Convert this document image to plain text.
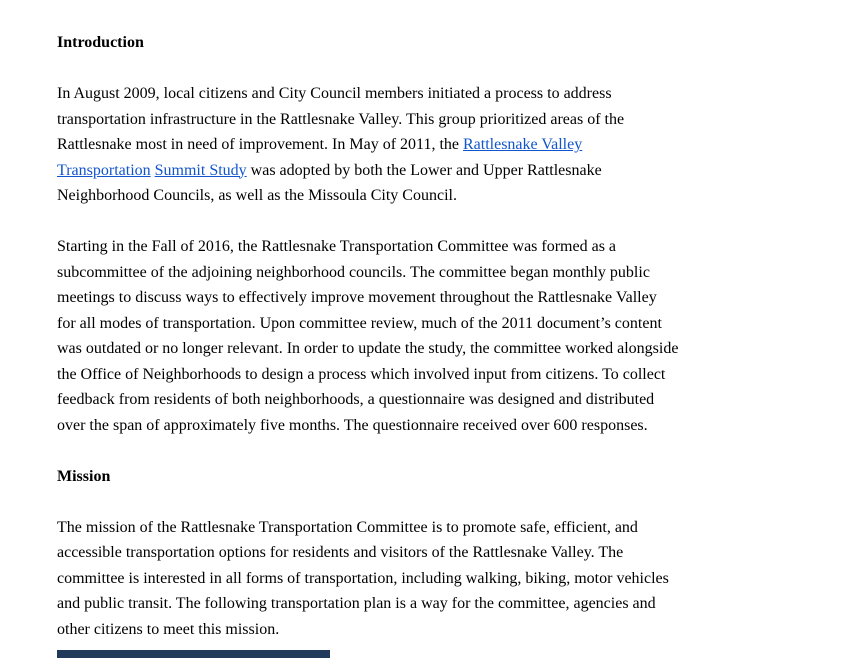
Introduction
In August 2009, local citizens and City Council members initiated a process to address
transportation infrastructure in the Rattlesnake Valley. This group prioritized areas of the
Rattlesnake most in need of improvement. In May of 2011, the Rattlesnake Valley
Transportation Summit Study was adopted by both the Lower and Upper Rattlesnake
Neighborhood Councils, as well as the Missoula City Council.
Starting in the Fall of 2016, the Rattlesnake Transportation Committee was formed as a
subcommittee of the adjoining neighborhood councils. The committee began monthly public
meetings to discuss ways to effectively improve movement throughout the Rattlesnake Valley
for all modes of transportation. Upon committee review, much of the 2011 document’s content
was outdated or no longer relevant. In order to update the study, the committee worked alongside
the Office of Neighborhoods to design a process which involved input from citizens. To collect
feedback from residents of both neighborhoods, a questionnaire was designed and distributed
over the span of approximately five months. The questionnaire received over 600 responses.
Mission
The mission of the Rattlesnake Transportation Committee is to promote safe, efficient, and
accessible transportation options for residents and visitors of the Rattlesnake Valley. The
committee is interested in all forms of transportation, including walking, biking, motor vehicles
and public transit. The following transportation plan is a way for the committee, agencies and
other citizens to meet this mission.
